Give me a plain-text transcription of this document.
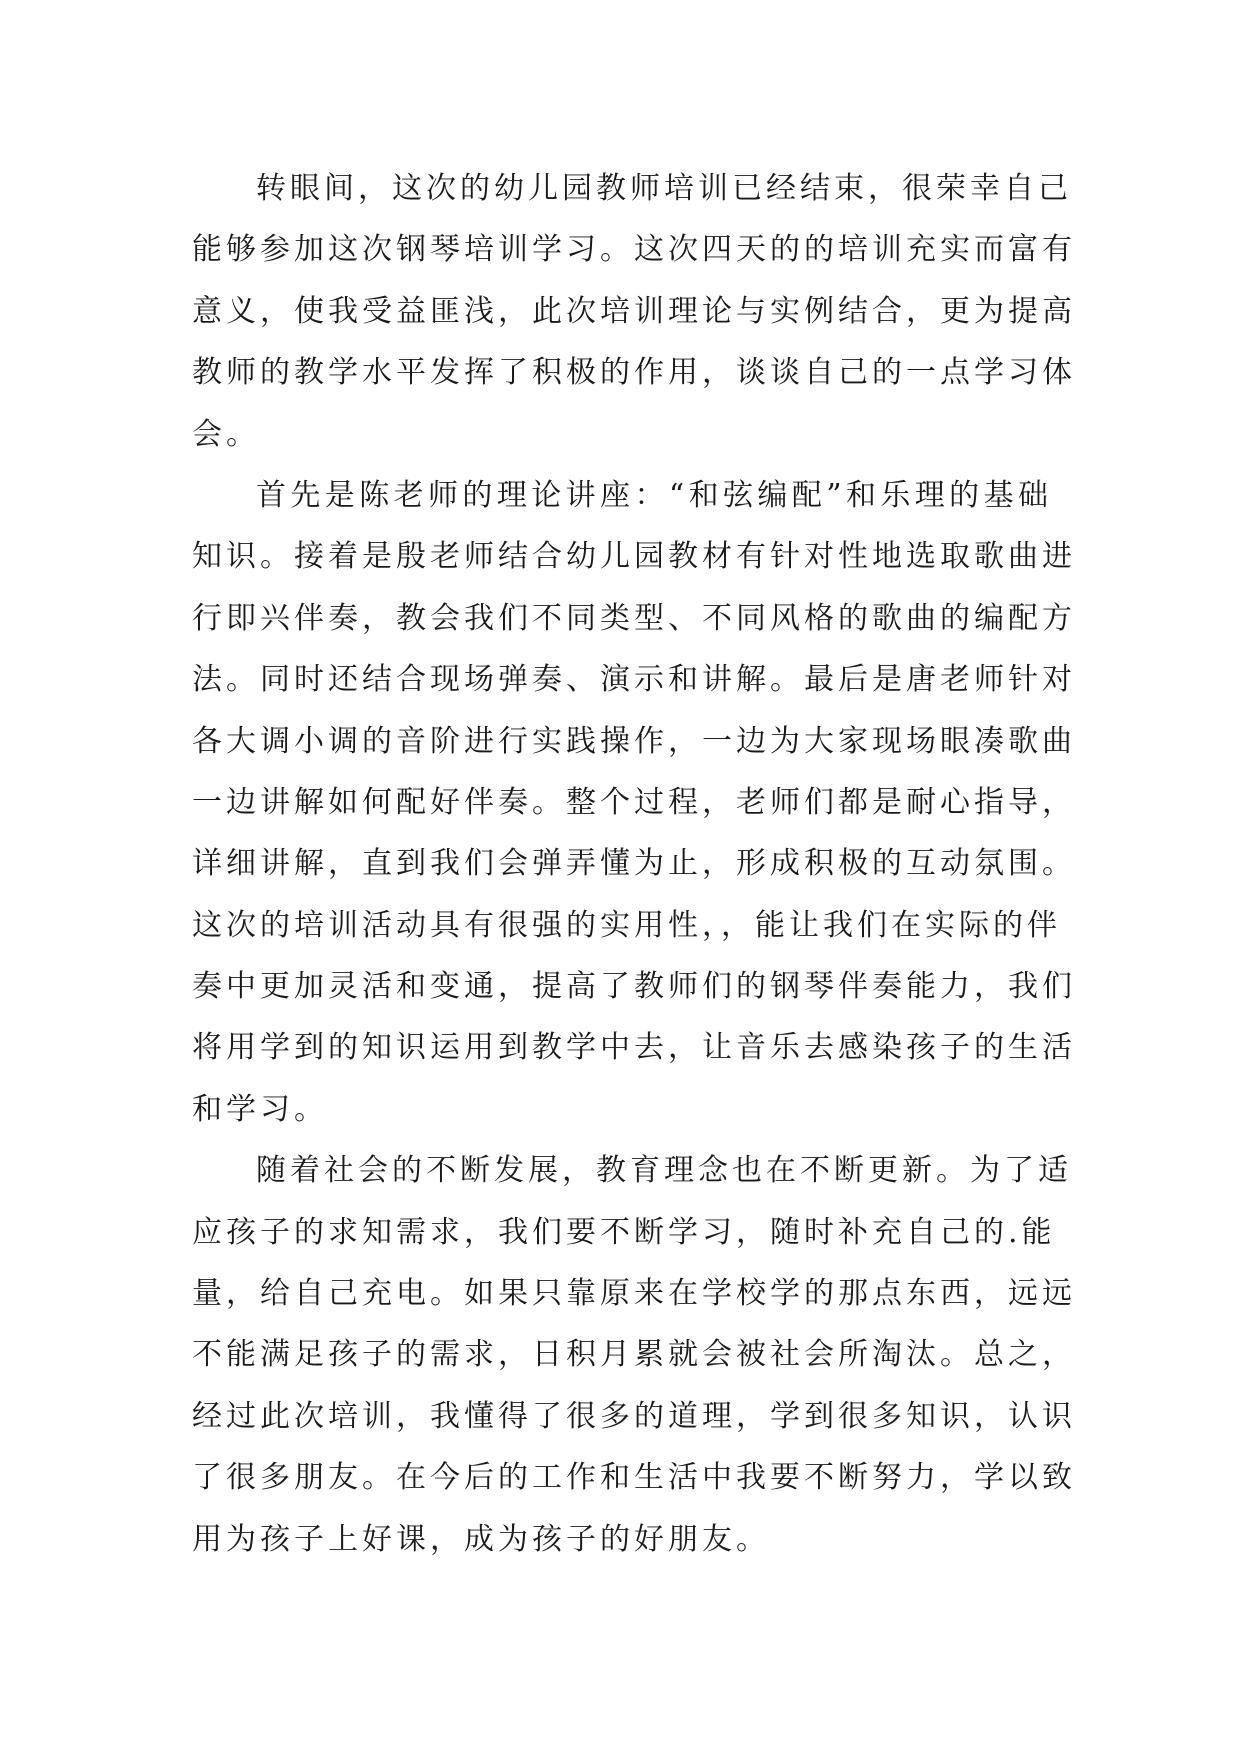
转眼间，这次的幼儿园教师培训已经结束，很荣幸自己
能够参加这次钢琴培训学习。这次四天的的培训充实而富有
意义，使我受益匪浅，此次培训理论与实例结合，更为提高
教师的教学水平发挥了积极的作用，谈谈自己的一点学习体
会。
首先是陈老师的理论讲座：“和弦编配”和乐理的基础
知识。接着是殷老师结合幼儿园教材有针对性地选取歌曲进
行即兴伴奏，教会我们不同类型、不同风格的歌曲的编配方
法。同时还结合现场弹奏、演示和讲解。最后是唐老师针对
各大调小调的音阶进行实践操作，一边为大家现场眼凑歌曲
一边讲解如何配好伴奏。整个过程，老师们都是耐心指导，
详细讲解，直到我们会弹弄懂为止，形成积极的互动氛围。
这次的培训活动具有很强的实用性，，能让我们在实际的伴
奏中更加灵活和变通，提高了教师们的钢琴伴奏能力，我们
将用学到的知识运用到教学中去，让音乐去感染孩子的生活
和学习。
随着社会的不断发展，教育理念也在不断更新。为了适
应孩子的求知需求，我们要不断学习，随时补充自己的.能
量，给自己充电。如果只靠原来在学校学的那点东西，远远
不能满足孩子的需求，日积月累就会被社会所淘汰。总之，
经过此次培训，我懂得了很多的道理，学到很多知识，认识
了很多朋友。在今后的工作和生活中我要不断努力，学以致
用为孩子上好课，成为孩子的好朋友。
